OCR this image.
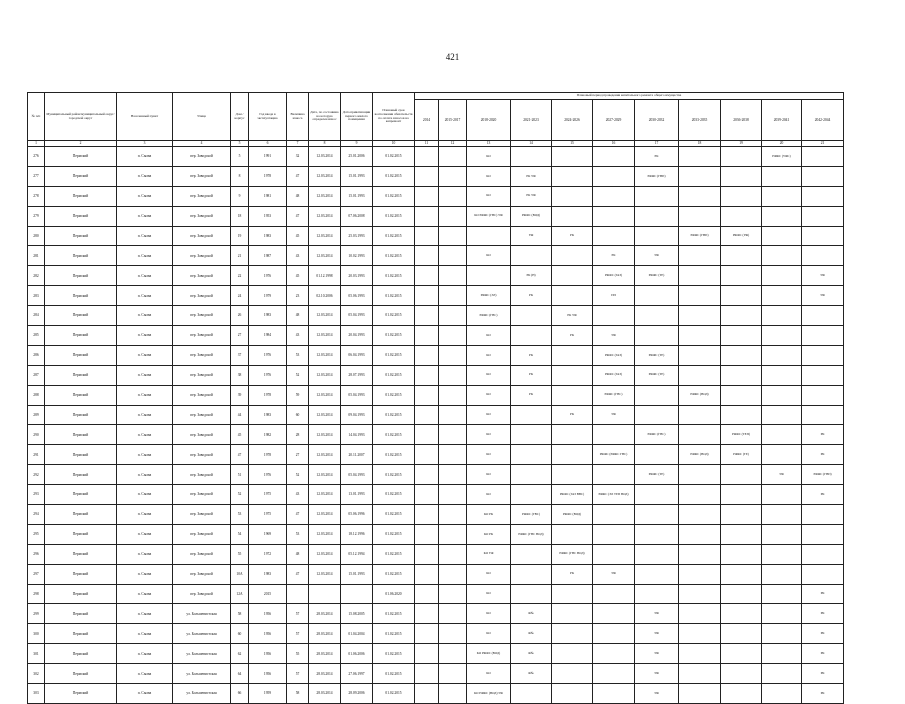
421
№ п/п	Муниципальный район/муниципальный округ/городской округ	Населенный пункт	Улица	Дом / корпус	Год ввода в эксплуатацию	Величина износа	Дата, по состоянию на которую определен износ	Дата приватизации первого жилого помещения	Плановый срок восполнения обязательств по оплате взносов на капремонт	Плановый период проведения капитального ремонта общего имущества										
										2014	2015-2017	2018-2020	2021-2023	2024-2026	2027-2029	2030-2032	2033-2035	2036-2038	2039-2041	2042-2044
1	2	3	4	5	6	7	8	9	10	11	12	13	14	15	16	17	18	19	20	21
276	Пермский	п. Сылва	пер. Заводской	5	1991	32	12.03.2014	25.01.2006	01.02.2015			КО				РК			РФФС (УФС)	
277	Пермский	п. Сылва	пер. Заводской	8	1978	47	12.03.2014	15.01.1993	01.02.2015			КО	РК УФ			РФФС (ГВП)				
278	Пермский	п. Сылва	пер. Заводской	9	1981	48	12.03.2014	15.01.1993	01.02.2015			КО	РК УФ							
279	Пермский	п. Сылва	пер. Заводской	18	1953	47	12.03.2014	07.06.2008	01.02.2015			КО РФФС (ГВС) УФ	РФФС (ВОД)							
280	Пермский	п. Сылва	пер. Заводской	19	1983	45	12.03.2014	25.03.1993	01.02.2015				УФ	РК			РФФС (ГВП)	РФФС (УФ)		
281	Пермский	п. Сылва	пер. Заводской	21	1987	43	12.03.2014	10.02.1993	01.02.2015			КО			РК	УФ				
282	Пермский	п. Сылва	пер. Заводской	22	1976	45	01.12.1998	20.03.1993	01.02.2015				РК (Н)		РФФС (ГАЗ)	РФФС (ТЕ)				УФ
283	Пермский	п. Сылва	пер. Заводской	24	1979	23	02.10.2006	05.06.1993	01.02.2015			РФФС (ЭЛ)	РК		ПП					УФ
284	Пермский	п. Сылва	пер. Заводской	26	1983	48	12.03.2014	05.04.1993	01.02.2015			РФФС (ГВС)		РК УФ						
285	Пермский	п. Сылва	пер. Заводской	27	1984	43	12.03.2014	20.04.1993	01.02.2015			КО		РК	УФ					
286	Пермский	п. Сылва	пер. Заводской	37	1976	53	12.03.2014	06.04.1993	01.02.2015			КО	РК		РФФС (ГАЗ)	РФФС (ТЕ)				
287	Пермский	п. Сылва	пер. Заводской	38	1976	52	12.03.2014	28.07.1993	01.02.2015			КО	РК		РФФС (ГАЗ)	РФФС (ТЕ)				
288	Пермский	п. Сылва	пер. Заводской	39	1978	59	12.03.2014	05.04.1993	01.02.2015			КО	РК		РФФС (ГВС)		РФФС (ВОД)			
289	Пермский	п. Сылва	пер. Заводской	44	1983	60	12.03.2014	09.04.1993	01.02.2015			КО		РК	УФ					
290	Пермский	п. Сылва	пер. Заводской	45	1982	28	12.03.2014	14.04.1993	01.02.2015			КО				РФФС (ГВС)		РФФС (ТЕП)		РК
291	Пермский	п. Сылва	пер. Заводской	47	1978	27	12.03.2014	20.11.2007	01.02.2015			КО			РФФС (РФФС ГВС)		РФФС (ВОД)	РФФС (ТЕ)		РК
292	Пермский	п. Сылва	пер. Заводской	51	1976	52	12.03.2014	05.04.1993	01.02.2015			КО				РФФС (ТЕ)			УФ	РФФС (ГВП)
293	Пермский	п. Сылва	пер. Заводской	52	1975	43	12.03.2014	13.01.1993	01.02.2015			КО		РФФС (ГАЗ ВВС)	РФФС (ЭЛ ТЕП ВОД)					РК
294	Пермский	п. Сылва	пер. Заводской	53	1975	47	12.03.2014	05.06.1996	01.02.2015			КО РК	РФФС (ГВС)	РФФС (ВОД)						
295	Пермский	п. Сылва	пер. Заводской	54	1969	53	12.03.2014	18.12.1996	01.02.2015			КО РК	РФФС (ГВС ВОД)							
296	Пермский	п. Сылва	пер. Заводской	55	1972	48	12.03.2014	05.12.1994	01.02.2015			КО УФ		РФФС (ГВС ВОД)						
297	Пермский	п. Сылва	пер. Заводской	10А	1983	47	12.03.2014	15.01.1993	01.02.2015			КО		РК	УФ					
298	Пермский	п. Сылва	пер. Заводской	12А	2015				01.06.2020			КО								РК
299	Пермский	п. Сылва	ул. Большевистская	58	1956	57	28.03.2014	15.08.2005	01.02.2015			КО	Ф№			УФ				РК
300	Пермский	п. Сылва	ул. Большевистская	60	1956	57	28.03.2014	01.04.2004	01.02.2015			КО	Ф№			УФ				РК
301	Пермский	п. Сылва	ул. Большевистская	62	1956	55	28.03.2014	01.06.2006	01.02.2015			КО РФФС (ВОД)	Ф№			УФ				РК
302	Пермский	п. Сылва	ул. Большевистская	64	1956	57	28.03.2014	27.06.1997	01.02.2015			КО	Ф№			УФ				РК
303	Пермский	п. Сылва	ул. Большевистская	66	1959	58	28.03.2014	28.09.2006	01.02.2015			КО РФФС (ВОД) УФ				УФ				РК
